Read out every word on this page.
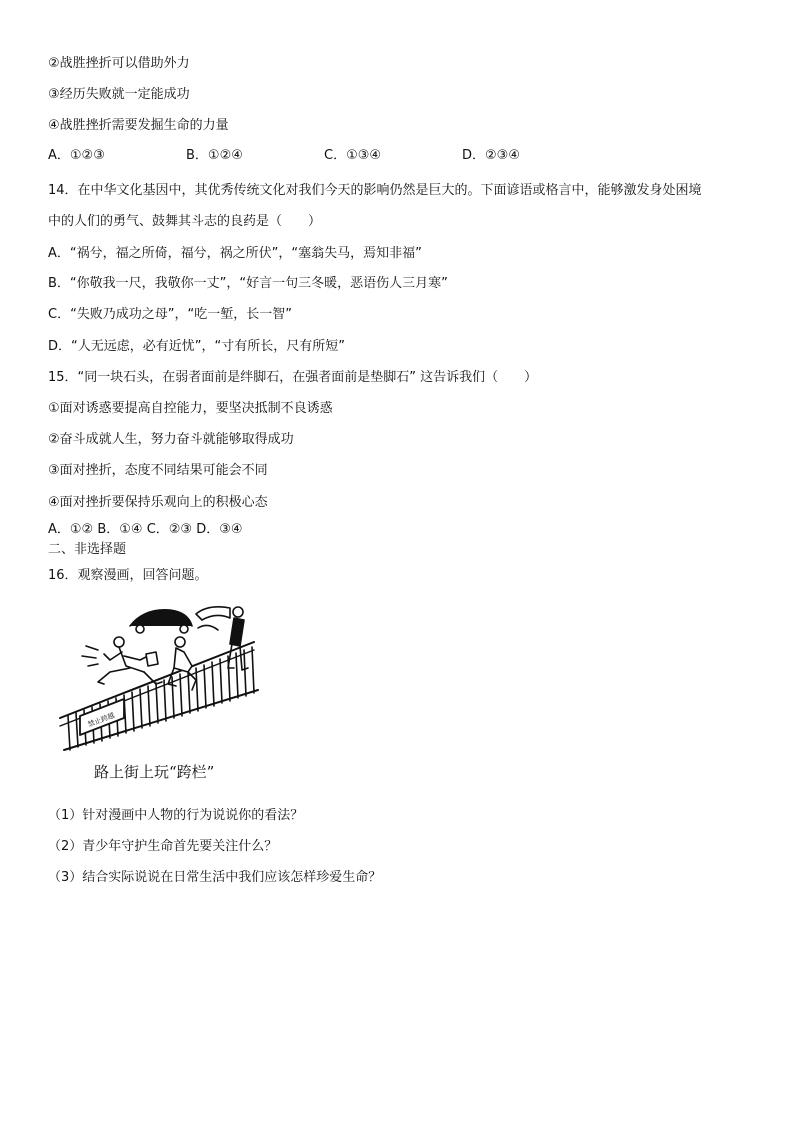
②战胜挫折可以借助外力
③经历失败就一定能成功
④战胜挫折需要发掘生命的力量
A．①②③	B．①②④	C．①③④	D．②③④
14．在中华文化基因中，其优秀传统文化对我们今天的影响仍然是巨大的。下面谚语或格言中，能够激发身处困境
中的人们的勇气、鼓舞其斗志的良药是（　　）
A．“祸兮，福之所倚，福兮，祸之所伏”，“塞翁失马，焉知非福”
B．“你敬我一尺，我敬你一丈”，“好言一句三冬暖，恶语伤人三月寒”
C．“失败乃成功之母”，“吃一堑，长一智”
D．“人无远虑，必有近忧”，“寸有所长，尺有所短”
15．“同一块石头，在弱者面前是绊脚石，在强者面前是垫脚石” 这告诉我们（　　）
①面对诱惑要提高自控能力，要坚决抵制不良诱惑
②奋斗成就人生，努力奋斗就能够取得成功
③面对挫折，态度不同结果可能会不同
④面对挫折要保持乐观向上的积极心态
A．①② B．①④ C．②③ D．③④
二、非选择题
16．观察漫画，回答问题。
禁止跨越
路上街上玩“跨栏”
（1）针对漫画中人物的行为说说你的看法？
（2）青少年守护生命首先要关注什么？
（3）结合实际说说在日常生活中我们应该怎样珍爱生命？
